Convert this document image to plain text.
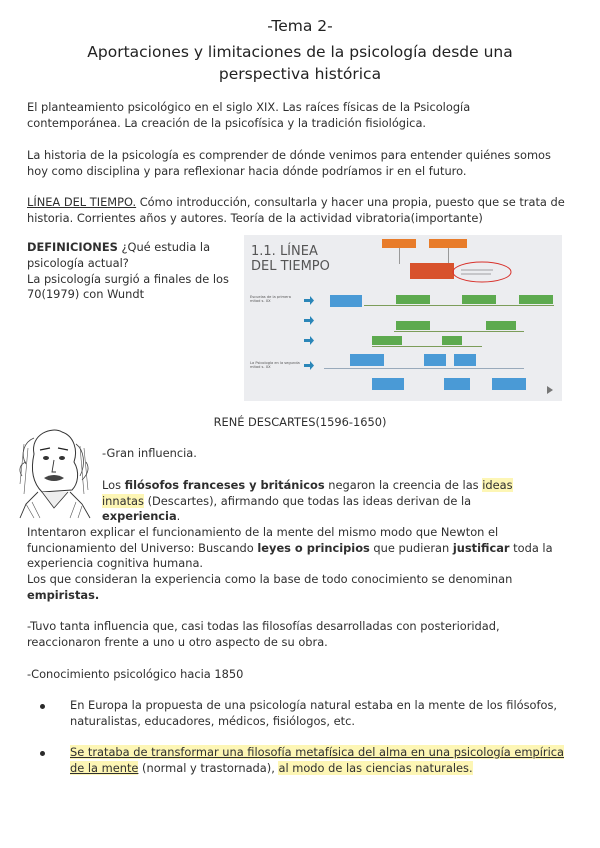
-Tema 2-
Aportaciones y limitaciones de la psicología desde una perspectiva histórica
El planteamiento psicológico en el siglo XIX. Las raíces físicas de la Psicología contemporánea. La creación de la psicofísica y la tradición fisiológica.
La historia de la psicología es comprender de dónde venimos para entender quiénes somos hoy como disciplina y para reflexionar hacia dónde podríamos ir en el futuro.
LÍNEA DEL TIEMPO. Cómo introducción, consultarla y hacer una propia, puesto que se trata de historia. Corrientes años y autores. Teoría de la actividad vibratoria(importante)
DEFINICIONES ¿Qué estudia la psicología actual?
La psicología surgió a finales de los 70(1979) con Wundt
1.1. LÍNEA
DEL TIEMPO
Escuelas de la primera mitad s. XX
La Psicología en la segunda mitad s. XX
RENÉ DESCARTES(1596-1650)
-Gran influencia.
Los filósofos franceses y británicos negaron la creencia de las ideas innatas (Descartes), afirmando que todas las ideas derivan de la experiencia.
Intentaron explicar el funcionamiento de la mente del mismo modo que Newton el funcionamiento del Universo: Buscando leyes o principios que pudieran justificar toda la experiencia cognitiva humana.
Los que consideran la experiencia como la base de todo conocimiento se denominan empiristas.
-Tuvo tanta influencia que, casi todas las filosofías desarrolladas con posterioridad, reaccionaron frente a uno u otro aspecto de su obra.
-Conocimiento psicológico hacia 1850
En Europa la propuesta de una psicología natural estaba en la mente de los filósofos, naturalistas, educadores, médicos, fisiólogos, etc.
Se trataba de transformar una filosofía metafísica del alma en una psicología empírica de la mente (normal y trastornada), al modo de las ciencias naturales.
